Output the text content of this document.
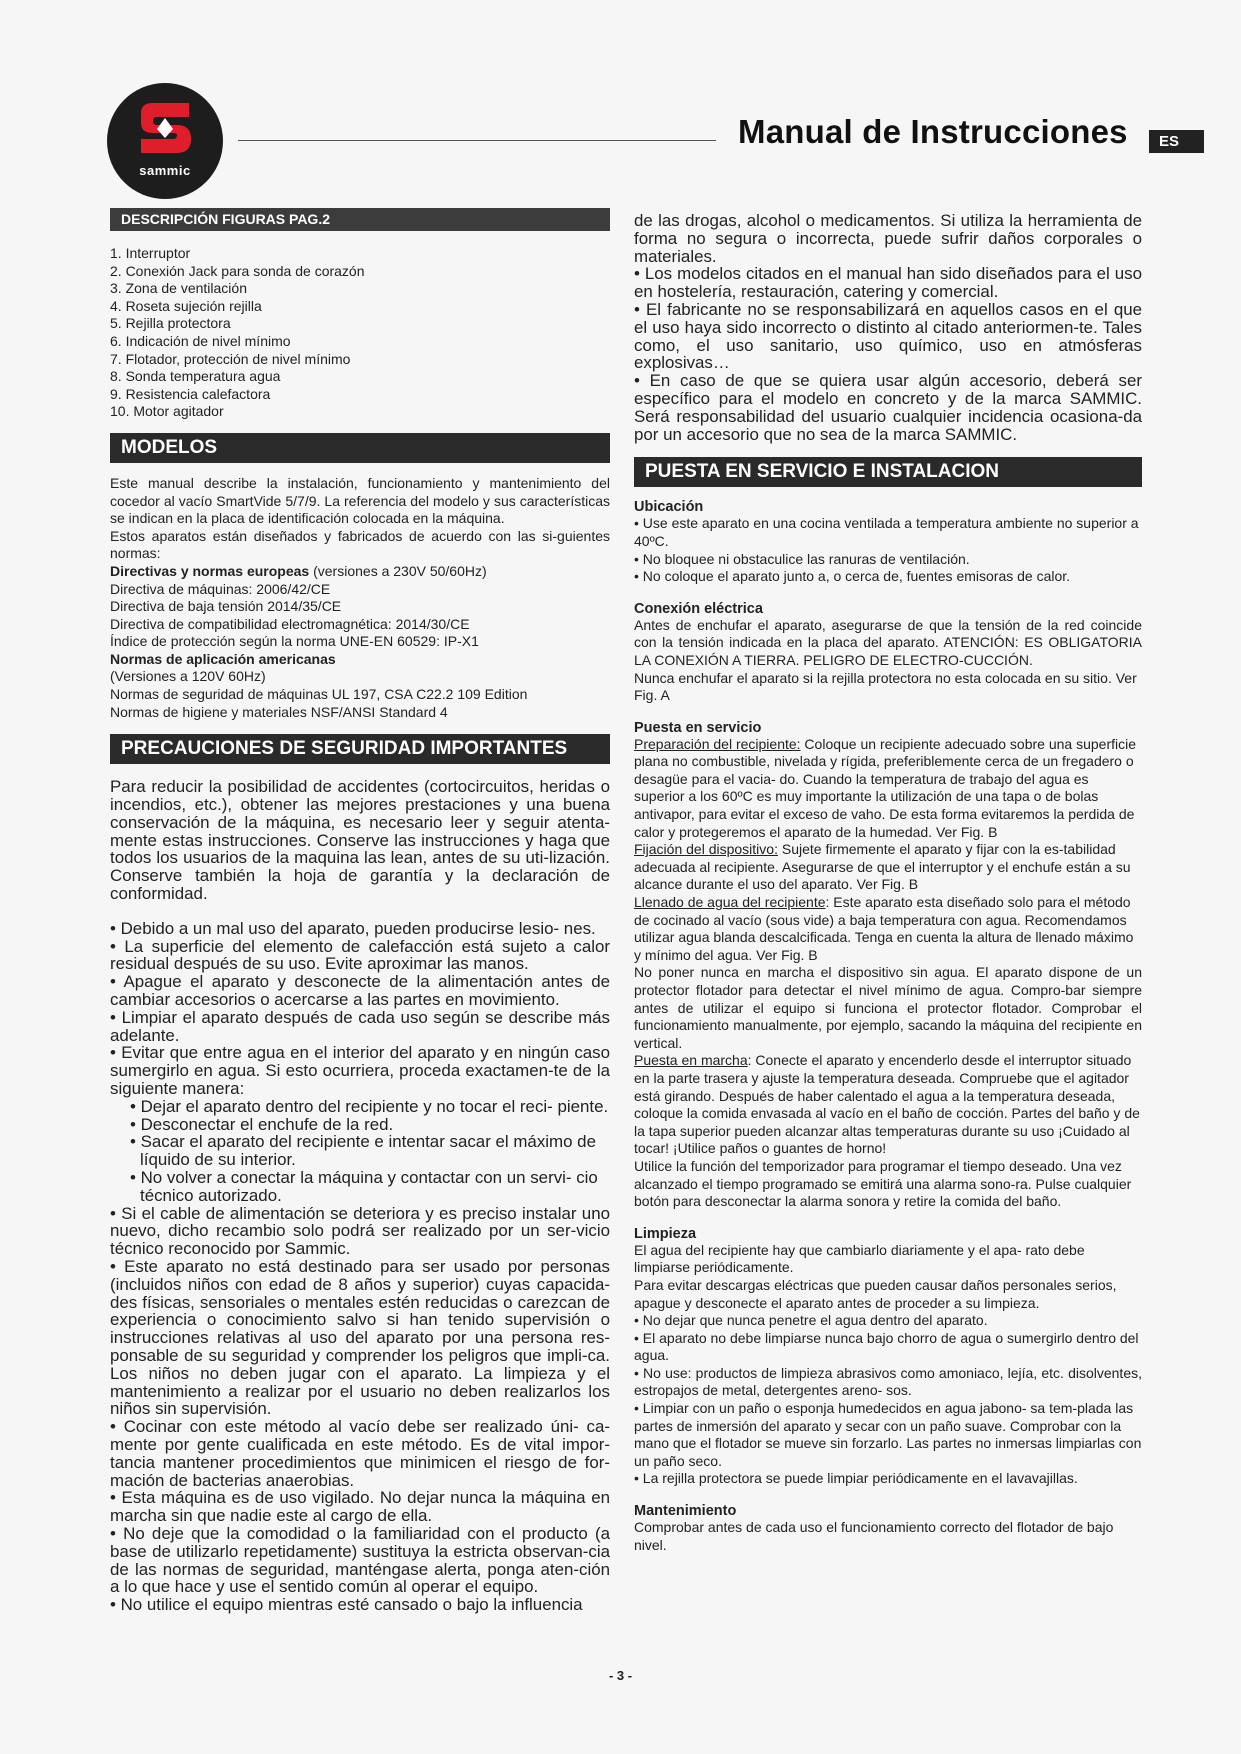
sammic
Manual de Instrucciones	ES
DESCRIPCIÓN FIGURAS PAG.2
1. Interruptor
2. Conexión Jack para sonda de corazón
3. Zona de ventilación
4. Roseta sujeción rejilla
5. Rejilla protectora
6. Indicación de nivel mínimo
7. Flotador, protección de nivel mínimo
8. Sonda temperatura agua
9. Resistencia calefactora
10. Motor agitador
MODELOS

Este manual describe la instalación, funcionamiento y mantenimiento del cocedor al vacío SmartVide 5/7/9. La referencia del modelo y sus características se indican en la placa de identificación colocada en la máquina.

Estos aparatos están diseñados y fabricados de acuerdo con las si-guientes normas:

Directivas y normas europeas (versiones a 230V 50/60Hz)

Directiva de máquinas: 2006/42/CE

Directiva de baja tensión 2014/35/CE

Directiva de compatibilidad electromagnética: 2014/30/CE

Índice de protección según la norma UNE-EN 60529: IP-X1

Normas de aplicación americanas

(Versiones a 120V 60Hz)

Normas de seguridad de máquinas UL 197, CSA C22.2 109 Edition

Normas de higiene y materiales NSF/ANSI Standard 4

PRECAUCIONES DE SEGURIDAD IMPORTANTES

Para reducir la posibilidad de accidentes (cortocircuitos, heridas o incendios, etc.), obtener las mejores prestaciones y una buena conservación de la máquina, es necesario leer y seguir atenta-mente estas instrucciones. Conserve las instrucciones y haga que todos los usuarios de la maquina las lean, antes de su uti-lización. Conserve también la hoja de garantía y la declaración de conformidad.

• Debido a un mal uso del aparato, pueden producirse lesio- nes.

• La superficie del elemento de calefacción está sujeto a calor residual después de su uso. Evite aproximar las manos.

• Apague el aparato y desconecte de la alimentación antes de cambiar accesorios o acercarse a las partes en movimiento.

• Limpiar el aparato después de cada uso según se describe más adelante.

• Evitar que entre agua en el interior del aparato y en ningún caso sumergirlo en agua. Si esto ocurriera, proceda exactamen-te de la siguiente manera:

• Dejar el aparato dentro del recipiente y no tocar el reci- piente.

• Desconectar el enchufe de la red.

• Sacar el aparato del recipiente e intentar sacar el máximo de líquido de su interior.

• No volver a conectar la máquina y contactar con un servi- cio técnico autorizado.

• Si el cable de alimentación se deteriora y es preciso instalar uno nuevo, dicho recambio solo podrá ser realizado por un ser-vicio técnico reconocido por Sammic.

• Este aparato no está destinado para ser usado por personas (incluidos niños con edad de 8 años y superior) cuyas capacida-des físicas, sensoriales o mentales estén reducidas o carezcan de experiencia o conocimiento salvo si han tenido supervisión o instrucciones relativas al uso del aparato por una persona res-ponsable de su seguridad y comprender los peligros que impli-ca. Los niños no deben jugar con el aparato. La limpieza y el mantenimiento a realizar por el usuario no deben realizarlos los niños sin supervisión.

• Cocinar con este método al vacío debe ser realizado úni- ca-mente por gente cualificada en este método. Es de vital impor-tancia mantener procedimientos que minimicen el riesgo de for-mación de bacterias anaerobias.

• Esta máquina es de uso vigilado. No dejar nunca la máquina en marcha sin que nadie este al cargo de ella.

• No deje que la comodidad o la familiaridad con el producto (a base de utilizarlo repetidamente) sustituya la estricta observan-cia de las normas de seguridad, manténgase alerta, ponga aten-ción a lo que hace y use el sentido común al operar el equipo.

• No utilice el equipo mientras esté cansado o bajo la influencia

de las drogas, alcohol o medicamentos. Si utiliza la herramienta de forma no segura o incorrecta, puede sufrir daños corporales o materiales.

• Los modelos citados en el manual han sido diseñados para el uso en hostelería, restauración, catering y comercial.

• El fabricante no se responsabilizará en aquellos casos en el que el uso haya sido incorrecto o distinto al citado anteriormen-te. Tales como, el uso sanitario, uso químico, uso en atmósferas explosivas…

• En caso de que se quiera usar algún accesorio, deberá ser específico para el modelo en concreto y de la marca SAMMIC. Será responsabilidad del usuario cualquier incidencia ocasiona-da por un accesorio que no sea de la marca SAMMIC.

PUESTA EN SERVICIO E INSTALACION

Ubicación

• Use este aparato en una cocina ventilada a temperatura ambiente no superior a 40ºC.

• No bloquee ni obstaculice las ranuras de ventilación.

• No coloque el aparato junto a, o cerca de, fuentes emisoras de calor.

Conexión eléctrica

Antes de enchufar el aparato, asegurarse de que la tensión de la red coincide con la tensión indicada en la placa del aparato. ATENCIÓN: ES OBLIGATORIA LA CONEXIÓN A TIERRA. PELIGRO DE ELECTRO-CUCCIÓN.

Nunca enchufar el aparato si la rejilla protectora no esta colocada en su sitio. Ver Fig. A

Puesta en servicio

Preparación del recipiente: Coloque un recipiente adecuado sobre una superficie plana no combustible, nivelada y rígida, preferiblemente cerca de un fregadero o desagüe para el vacia- do. Cuando la temperatura de trabajo del agua es superior a los 60ºC es muy importante la utilización de una tapa o de bolas antivapor, para evitar el exceso de vaho. De esta forma evitaremos la perdida de calor y protegeremos el aparato de la humedad. Ver Fig. B

Fijación del dispositivo: Sujete firmemente el aparato y fijar con la es-tabilidad adecuada al recipiente. Asegurarse de que el interruptor y el enchufe están a su alcance durante el uso del aparato. Ver Fig. B

Llenado de agua del recipiente: Este aparato esta diseñado solo para el método de cocinado al vacío (sous vide) a baja temperatura con agua. Recomendamos utilizar agua blanda descalcificada. Tenga en cuenta la altura de llenado máximo y mínimo del agua. Ver Fig. B

No poner nunca en marcha el dispositivo sin agua. El aparato dispone de un protector flotador para detectar el nivel mínimo de agua. Compro-bar siempre antes de utilizar el equipo si funciona el protector flotador. Comprobar el funcionamiento manualmente, por ejemplo, sacando la máquina del recipiente en vertical.

Puesta en marcha: Conecte el aparato y encenderlo desde el interruptor situado en la parte trasera y ajuste la temperatura deseada. Compruebe que el agitador está girando. Después de haber calentado el agua a la temperatura deseada, coloque la comida envasada al vacío en el baño de cocción. Partes del baño y de la tapa superior pueden alcanzar altas temperaturas durante su uso ¡Cuidado al tocar! ¡Utilice paños o guantes de horno!

Utilice la función del temporizador para programar el tiempo deseado. Una vez alcanzado el tiempo programado se emitirá una alarma sono-ra. Pulse cualquier botón para desconectar la alarma sonora y retire la comida del baño.

Limpieza

El agua del recipiente hay que cambiarlo diariamente y el apa- rato debe limpiarse periódicamente.

Para evitar descargas eléctricas que pueden causar daños personales serios, apague y desconecte el aparato antes de proceder a su limpieza.

• No dejar que nunca penetre el agua dentro del aparato.

• El aparato no debe limpiarse nunca bajo chorro de agua o sumergirlo dentro del agua.

• No use: productos de limpieza abrasivos como amoniaco, lejía, etc. disolventes, estropajos de metal, detergentes areno- sos.

• Limpiar con un paño o esponja humedecidos en agua jabono- sa tem-plada las partes de inmersión del aparato y secar con un paño suave. Comprobar con la mano que el flotador se mueve sin forzarlo. Las partes no inmersas limpiarlas con un paño seco.

• La rejilla protectora se puede limpiar periódicamente en el lavavajillas.

Mantenimiento

Comprobar antes de cada uso el funcionamiento correcto del flotador de bajo nivel.

- 3 -
